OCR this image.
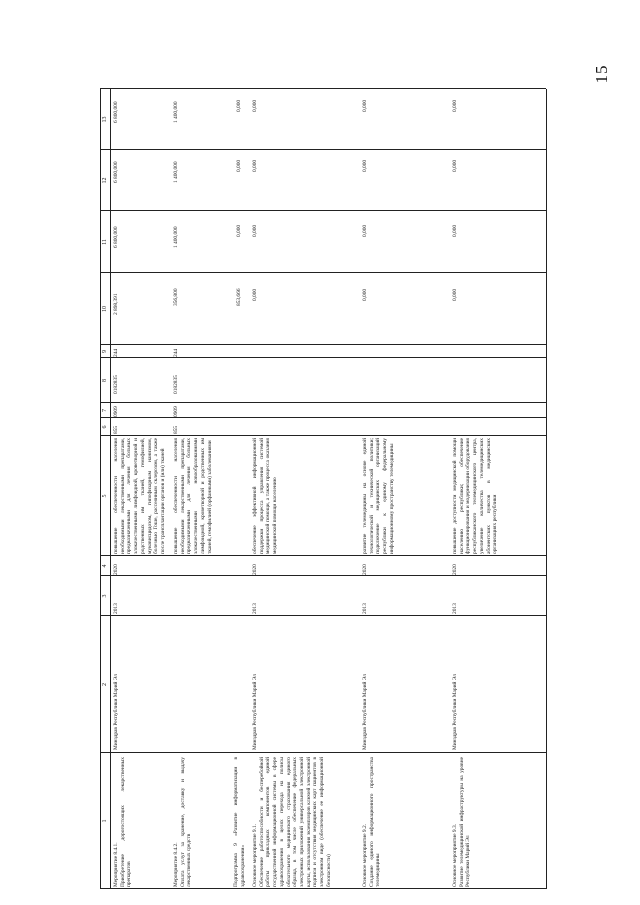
15
1
2
3
4
5
6
7
8
9
10
11
12
13
Мероприятие 8.4.1.
Приобретение дорогостоящих лекарственных препаратов
Минздрав Республики Марий Эл
2013
2020
повышение обеспеченности населения необходимыми лекарственными препаратами, предназначенными для лечения больных злокачественными лимфоидной, кроветворной и родственных им тканей, гемофилией, муковисцидозом, гипофизарным нанизмом, болезнью Гоше, рассеянным склерозом, а также после трансплантации органов и (или) тканей
855
0909
0182835
244
2 898,391
6 800,000
6 800,000
6 800,000
Мероприятие 8.4.2.
Оплата услуг за хранение, доставку и выдачу лекарственных средств
повышение обеспеченности населения необходимыми лекарственными препаратами, предназначенными для лечения больных злокачественными новообразованиями лимфоидной, кроветворной и родственных им тканей, гемофилией (орфанными) заболеваниями
855
0909
0182835
244
356,800
1 400,000
1 400,000
1 400,000
Подпрограмма 9 «Развитие информатизации в здравоохранении»
853,666
0,000
0,000
0,000
Основное мероприятие 9.1.
Обеспечение работоспособности и бесперебойной работы прикладных компонентов единой государственной информационной системы в сфере здравоохранения в целях перехода на полисы обязательного медицинского страхования единого образца, в том числе обеспечение федеральных электронных приложений универсальной электронной карты, использования экземпляров ключей электронной подписи и отсутствия медицинских карт пациентов в электронном виде (обеспечение ее информационной безопасности)
Минздрав Республики Марий Эл
2013
2020
обеспечение эффективной информационной поддержки процесса управления системой медицинской помощи, а также процесса оказания медицинской помощи населению
0,000
0,000
0,000
0,000
Основное мероприятие 9.2.
Создание единого информационного пространства телемедицины
Минздрав Республики Марий Эл
2013
2020
развитие телемедицины на основе единой технологической и технической политики; подключение медицинских организаций республики к единому федеральному информационному пространству телемедицины
0,000
0,000
0,000
0,000
Основное мероприятие 9.3.
Развитие телемедицинской инфраструктуры на уровне Республики Марий Эл
Минздрав Республики Марий Эл
2013
2020
повышение доступности медицинской помощи населению республики; обеспечение функционирования и модернизации оборудования республиканского телемедицинского центра, увеличение количества телемедицинских абонентских пунктов в медицинских организациях республики
0,000
0,000
0,000
0,000
